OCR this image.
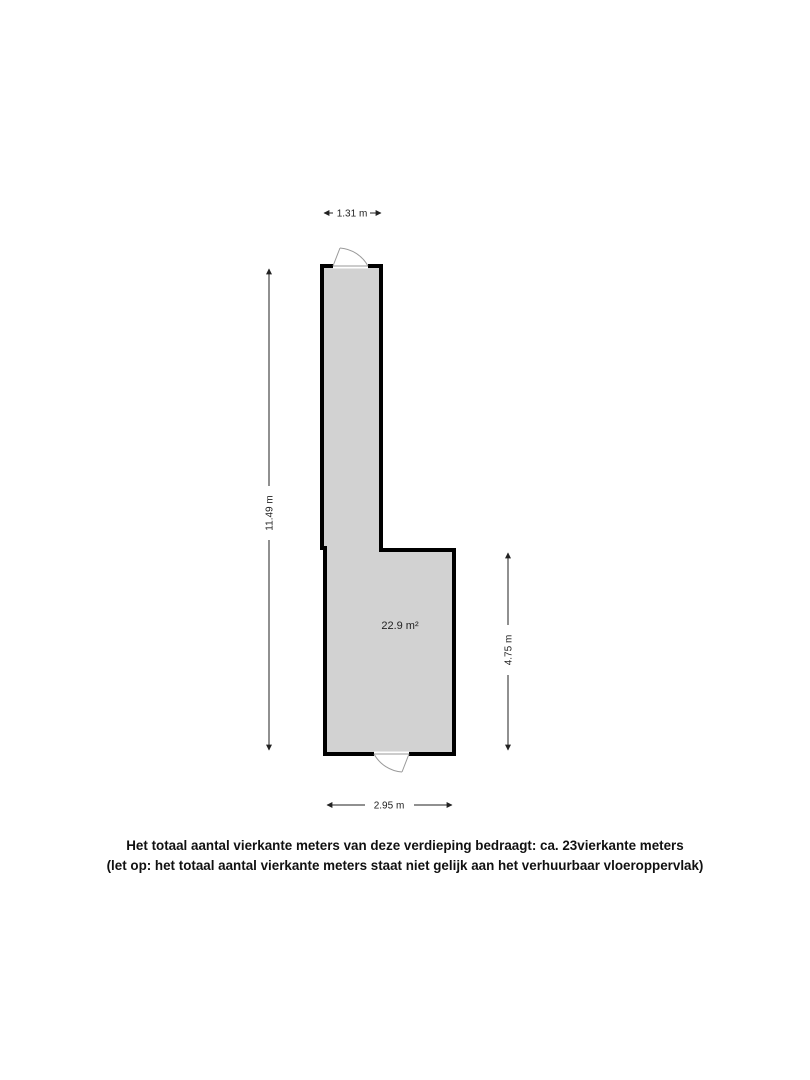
1.31 m
11.49 m
4.75 m
2.95 m
22.9 m²
Het totaal aantal vierkante meters van deze verdieping bedraagt: ca. 23vierkante meters
(let op: het totaal aantal vierkante meters staat niet gelijk aan het verhuurbaar vloeroppervlak)
